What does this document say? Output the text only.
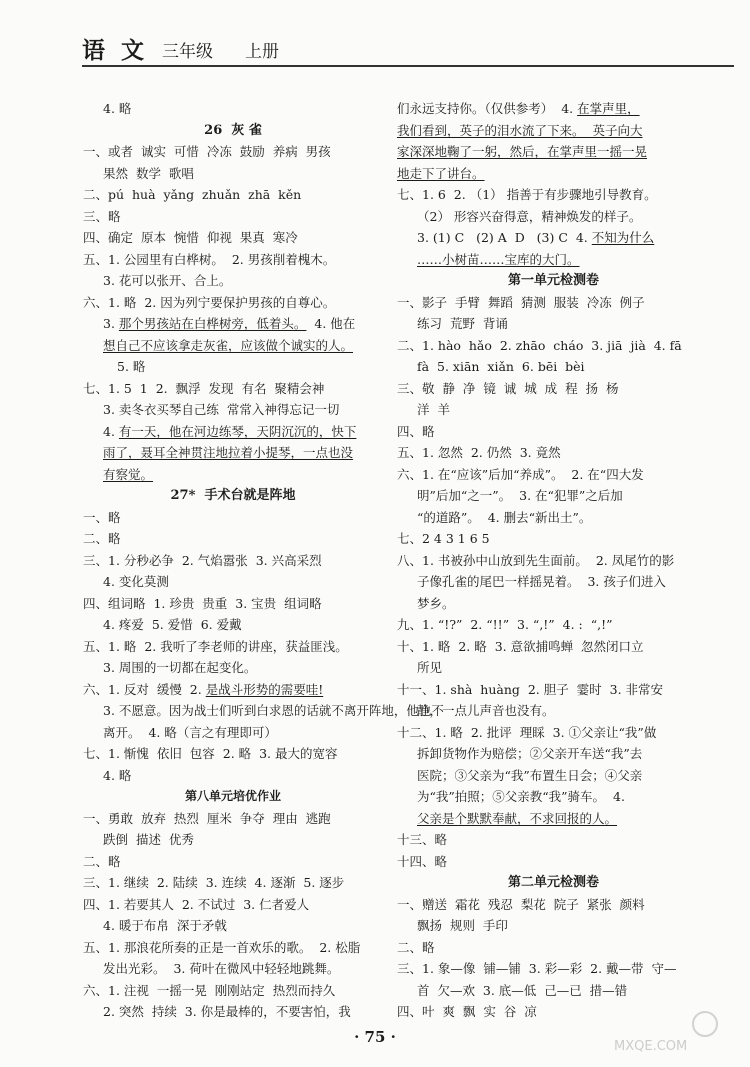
语 文 三年级 上册
4. 略
26  灰 雀
一、或者  诚实  可惜  冷冻  鼓励  养病  男孩
果然  数学  歌唱
二、pú  huà  yǎng  zhuǎn  zhā  kěn
三、略
四、确定  原本  惋惜  仰视  果真  寒冷
五、1. 公园里有白桦树。  2. 男孩削着槐木。
3. 花可以张开、合上。
六、1. 略  2. 因为列宁要保护男孩的自尊心。
3. 那个男孩站在白桦树旁，低着头。  4. 他在
想自己不应该拿走灰雀，应该做个诚实的人。
5. 略
七、1. 5  1  2.  飘浮  发现  有名  聚精会神
3. 卖冬衣买琴自己练  常常入神得忘记一切
4. 有一天，他在河边练琴，天阴沉沉的，快下
雨了，聂耳全神贯注地拉着小提琴，一点也没
有察觉。
27*  手术台就是阵地
一、略
二、略
三、1. 分秒必争  2. 气焰嚣张  3. 兴高采烈
4. 变化莫测
四、组词略  1. 珍贵  贵重  3. 宝贵  组词略
4. 疼爱  5. 爱惜  6. 爱戴
五、1. 略  2. 我听了李老师的讲座，获益匪浅。
3. 周围的一切都在起变化。
六、1. 反对  缓慢  2. 是战斗形势的需要哇!
3. 不愿意。因为战士们听到白求恩的话就不离开阵地，他也不
离开。  4. 略（言之有理即可）
七、1. 惭愧  依旧  包容  2. 略  3. 最大的宽容
4. 略
第八单元培优作业
一、勇敢  放弃  热烈  厘米  争夺  理由  逃跑
跌倒  描述  优秀
二、略
三、1. 继续  2. 陆续  3. 连续  4. 逐渐  5. 逐步
四、1. 若要其人  2. 不试过  3. 仁者爱人
4. 暖于布帛  深于矛戟
五、1. 那浪花所奏的正是一首欢乐的歌。  2. 松脂
发出光彩。  3. 荷叶在微风中轻轻地跳舞。
六、1. 注视  一摇一晃  刚刚站定  热烈而持久
2. 突然  持续  3. 你是最棒的，不要害怕，我
们永远支持你。（仅供参考）  4. 在掌声里，
我们看到，英子的泪水流了下来。  英子向大
家深深地鞠了一躬，然后，在掌声里一摇一晃
地走下了讲台。
七、1. 6  2. （1） 指善于有步骤地引导教育。
（2） 形容兴奋得意，精神焕发的样子。
3. (1) C   (2) A  D   (3) C  4. 不知为什么
……小树苗……宝库的大门。
第一单元检测卷
一、影子  手臂  舞蹈  猜测  服装  冷冻  例子
练习  荒野  背诵
二、1. hào  hǎo  2. zhāo  cháo  3. jiā  jià  4. fā
fà  5. xiān  xiǎn  6. bēi  bèi
三、敬  静  净  镜  诚  城  成  程  扬  杨
洋  羊
四、略
五、1. 忽然  2. 仍然  3. 竟然
六、1. 在“应该”后加“养成”。  2. 在“四大发
明”后加“之一”。  3. 在“犯罪”之后加
“的道路”。  4. 删去“新出土”。
七、2 4 3 1 6 5
八、1. 书被孙中山放到先生面前。  2. 凤尾竹的影
子像孔雀的尾巴一样摇晃着。  3. 孩子们进入
梦乡。
九、1. “!?”  2. “!!”  3. “,!”  4. :  “,!”
十、1. 略  2. 略  3. 意欲捕鸣蝉  忽然闭口立
所见
十一、1. shà  huàng  2. 胆子  霎时  3. 非常安
静，一点儿声音也没有。
十二、1. 略  2. 批评  理睬  3. ①父亲让“我”做
拆卸货物作为赔偿；②父亲开车送“我”去
医院；③父亲为“我”布置生日会；④父亲
为“我”拍照；⑤父亲教“我”骑车。  4.
父亲是个默默奉献，不求回报的人。
十三、略
十四、略
第二单元检测卷
一、赠送  霜花  残忍  梨花  院子  紧张  颜料
飘扬  规则  手印
二、略
三、1. 象—像  铺—铺  3. 彩—彩  2. 戴—带  守—
首  欠—欢  3. 底—低  己—已  措—错
四、叶  爽  飘  实  谷  凉
· 75 ·
MXQE.COM
